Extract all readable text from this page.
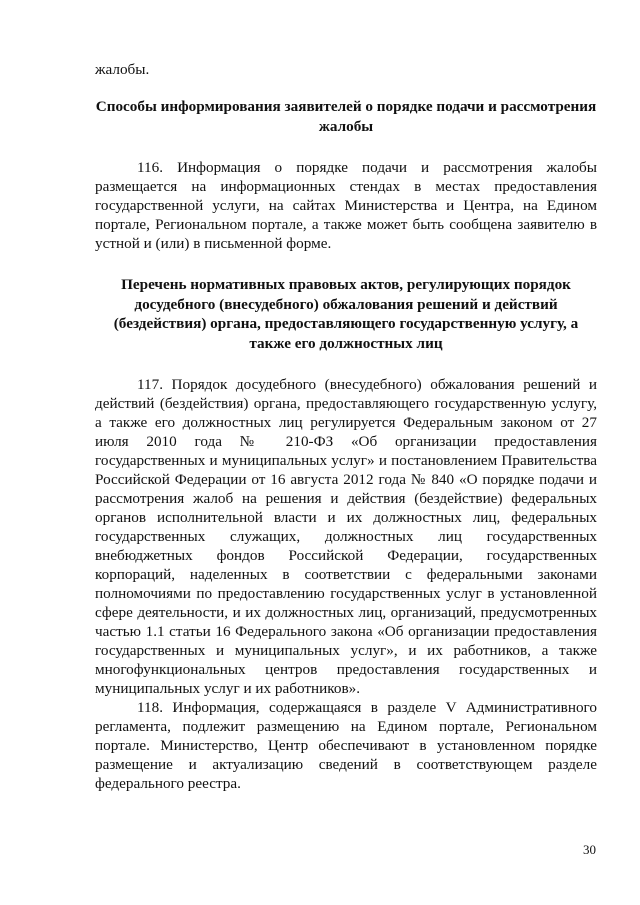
жалобы.

Способы информирования заявителей о порядке подачи и рассмотрения жалобы

116. Информация о порядке подачи и рассмотрения жалобы размещается на информационных стендах в местах предоставления государственной услуги, на сайтах Министерства и Центра, на Едином портале, Региональном портале, а также может быть сообщена заявителю в устной и (или) в письменной форме.

Перечень нормативных правовых актов, регулирующих порядок досудебного (внесудебного) обжалования решений и действий (бездействия) органа, предоставляющего государственную услугу, а также его должностных лиц

117. Порядок досудебного (внесудебного) обжалования решений и действий (бездействия) органа, предоставляющего государственную услугу, а также его должностных лиц регулируется Федеральным законом от 27 июля 2010 года № 210-ФЗ «Об организации предоставления государственных и муниципальных услуг» и постановлением Правительства Российской Федерации от 16 августа 2012 года № 840 «О порядке подачи и рассмотрения жалоб на решения и действия (бездействие) федеральных органов исполнительной власти и их должностных лиц, федеральных государственных служащих, должностных лиц государственных внебюджетных фондов Российской Федерации, государственных корпораций, наделенных в соответствии с федеральными законами полномочиями по предоставлению государственных услуг в установленной сфере деятельности, и их должностных лиц, организаций, предусмотренных частью 1.1 статьи 16 Федерального закона «Об организации предоставления государственных и муниципальных услуг», и их работников, а также многофункциональных центров предоставления государственных и муниципальных услуг и их работников».

118. Информация, содержащаяся в разделе V Административного регламента, подлежит размещению на Едином портале, Региональном портале. Министерство, Центр обеспечивают в установленном порядке размещение и актуализацию сведений в соответствующем разделе федерального реестра.

30
